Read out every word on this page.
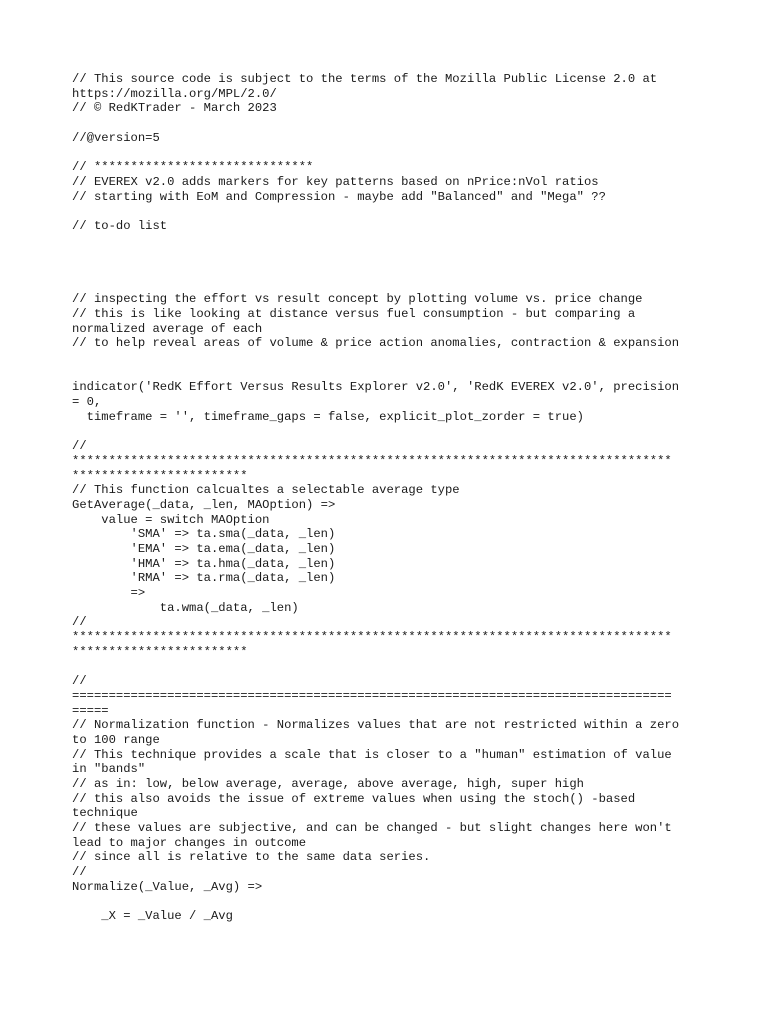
// This source code is subject to the terms of the Mozilla Public License 2.0 at
https://mozilla.org/MPL/2.0/
// © RedKTrader - March 2023
//@version=5
// ******************************
// EVEREX v2.0 adds markers for key patterns based on nPrice:nVol ratios
// starting with EoM and Compression - maybe add "Balanced" and "Mega" ??
// to-do list
// inspecting the effort vs result concept by plotting volume vs. price change
// this is like looking at distance versus fuel consumption - but comparing a
normalized average of each
// to help reveal areas of volume & price action anomalies, contraction & expansion
indicator('RedK Effort Versus Results Explorer v2.0', 'RedK EVEREX v2.0', precision
= 0,
timeframe = '', timeframe_gaps = false, explicit_plot_zorder = true)
//
**********************************************************************************
************************
// This function calcualtes a selectable average type
GetAverage(_data, _len, MAOption) =>
value = switch MAOption
'SMA' => ta.sma(_data, _len)
'EMA' => ta.ema(_data, _len)
'HMA' => ta.hma(_data, _len)
'RMA' => ta.rma(_data, _len)
=>
ta.wma(_data, _len)
//
**********************************************************************************
************************
//
==================================================================================
=====
// Normalization function - Normalizes values that are not restricted within a zero
to 100 range
// This technique provides a scale that is closer to a "human" estimation of value
in "bands"
// as in: low, below average, average, above average, high, super high
// this also avoids the issue of extreme values when using the stoch() -based
technique
// these values are subjective, and can be changed - but slight changes here won't
lead to major changes in outcome
// since all is relative to the same data series.
//
Normalize(_Value, _Avg) =>
_X = _Value / _Avg
